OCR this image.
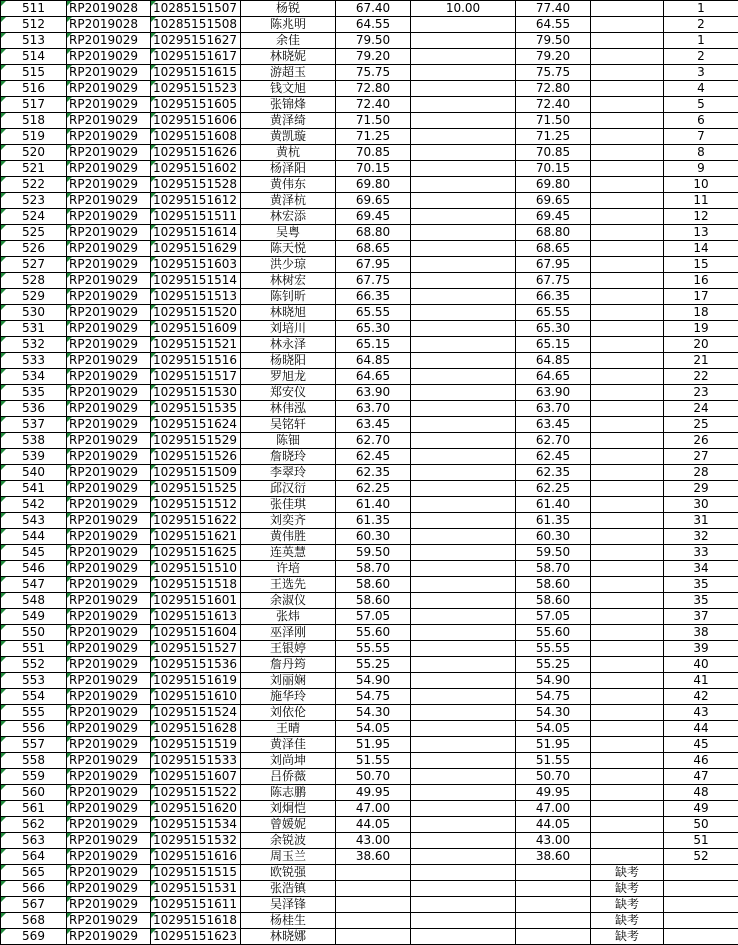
511	RP2019028	10285151507	杨锐	67.40	10.00	77.40		1
512	RP2019028	10285151508	陈兆明	64.55		64.55		2
513	RP2019029	10295151627	余佳	79.50		79.50		1
514	RP2019029	10295151617	林晓妮	79.20		79.20		2
515	RP2019029	10295151615	游超玉	75.75		75.75		3
516	RP2019029	10295151523	钱文旭	72.80		72.80		4
517	RP2019029	10295151605	张锦烽	72.40		72.40		5
518	RP2019029	10295151606	黄泽绮	71.50		71.50		6
519	RP2019029	10295151608	黄凯璇	71.25		71.25		7
520	RP2019029	10295151626	黄杭	70.85		70.85		8
521	RP2019029	10295151602	杨泽阳	70.15		70.15		9
522	RP2019029	10295151528	黄伟东	69.80		69.80		10
523	RP2019029	10295151612	黄泽杭	69.65		69.65		11
524	RP2019029	10295151511	林宏添	69.45		69.45		12
525	RP2019029	10295151614	吴粤	68.80		68.80		13
526	RP2019029	10295151629	陈天悦	68.65		68.65		14
527	RP2019029	10295151603	洪少琼	67.95		67.95		15
528	RP2019029	10295151514	林树宏	67.75		67.75		16
529	RP2019029	10295151513	陈钊昕	66.35		66.35		17
530	RP2019029	10295151520	林晓旭	65.55		65.55		18
531	RP2019029	10295151609	刘培川	65.30		65.30		19
532	RP2019029	10295151521	林永泽	65.15		65.15		20
533	RP2019029	10295151516	杨晓阳	64.85		64.85		21
534	RP2019029	10295151517	罗旭龙	64.65		64.65		22
535	RP2019029	10295151530	郑安仪	63.90		63.90		23
536	RP2019029	10295151535	林伟泓	63.70		63.70		24
537	RP2019029	10295151624	吴铭轩	63.45		63.45		25
538	RP2019029	10295151529	陈钿	62.70		62.70		26
539	RP2019029	10295151526	詹晓玲	62.45		62.45		27
540	RP2019029	10295151509	李翠玲	62.35		62.35		28
541	RP2019029	10295151525	邱汉衍	62.25		62.25		29
542	RP2019029	10295151512	张佳琪	61.40		61.40		30
543	RP2019029	10295151622	刘奕齐	61.35		61.35		31
544	RP2019029	10295151621	黄伟胜	60.30		60.30		32
545	RP2019029	10295151625	连英慧	59.50		59.50		33
546	RP2019029	10295151510	许培	58.70		58.70		34
547	RP2019029	10295151518	王选先	58.60		58.60		35
548	RP2019029	10295151601	余淑仪	58.60		58.60		35
549	RP2019029	10295151613	张炜	57.05		57.05		37
550	RP2019029	10295151604	巫泽刚	55.60		55.60		38
551	RP2019029	10295151527	王银婷	55.55		55.55		39
552	RP2019029	10295151536	詹丹筠	55.25		55.25		40
553	RP2019029	10295151619	刘丽娴	54.90		54.90		41
554	RP2019029	10295151610	施华玲	54.75		54.75		42
555	RP2019029	10295151524	刘依伦	54.30		54.30		43
556	RP2019029	10295151628	王晴	54.05		54.05		44
557	RP2019029	10295151519	黄泽佳	51.95		51.95		45
558	RP2019029	10295151533	刘尚坤	51.55		51.55		46
559	RP2019029	10295151607	吕侨薇	50.70		50.70		47
560	RP2019029	10295151522	陈志鹏	49.95		49.95		48
561	RP2019029	10295151620	刘炯恺	47.00		47.00		49
562	RP2019029	10295151534	曾媛妮	44.05		44.05		50
563	RP2019029	10295151532	余锐波	43.00		43.00		51
564	RP2019029	10295151616	周玉兰	38.60		38.60		52
565	RP2019029	10295151515	欧锐强				缺考	
566	RP2019029	10295151531	张浩镇				缺考	
567	RP2019029	10295151611	吴泽锋				缺考	
568	RP2019029	10295151618	杨桂生				缺考	
569	RP2019029	10295151623	林晓娜				缺考	
